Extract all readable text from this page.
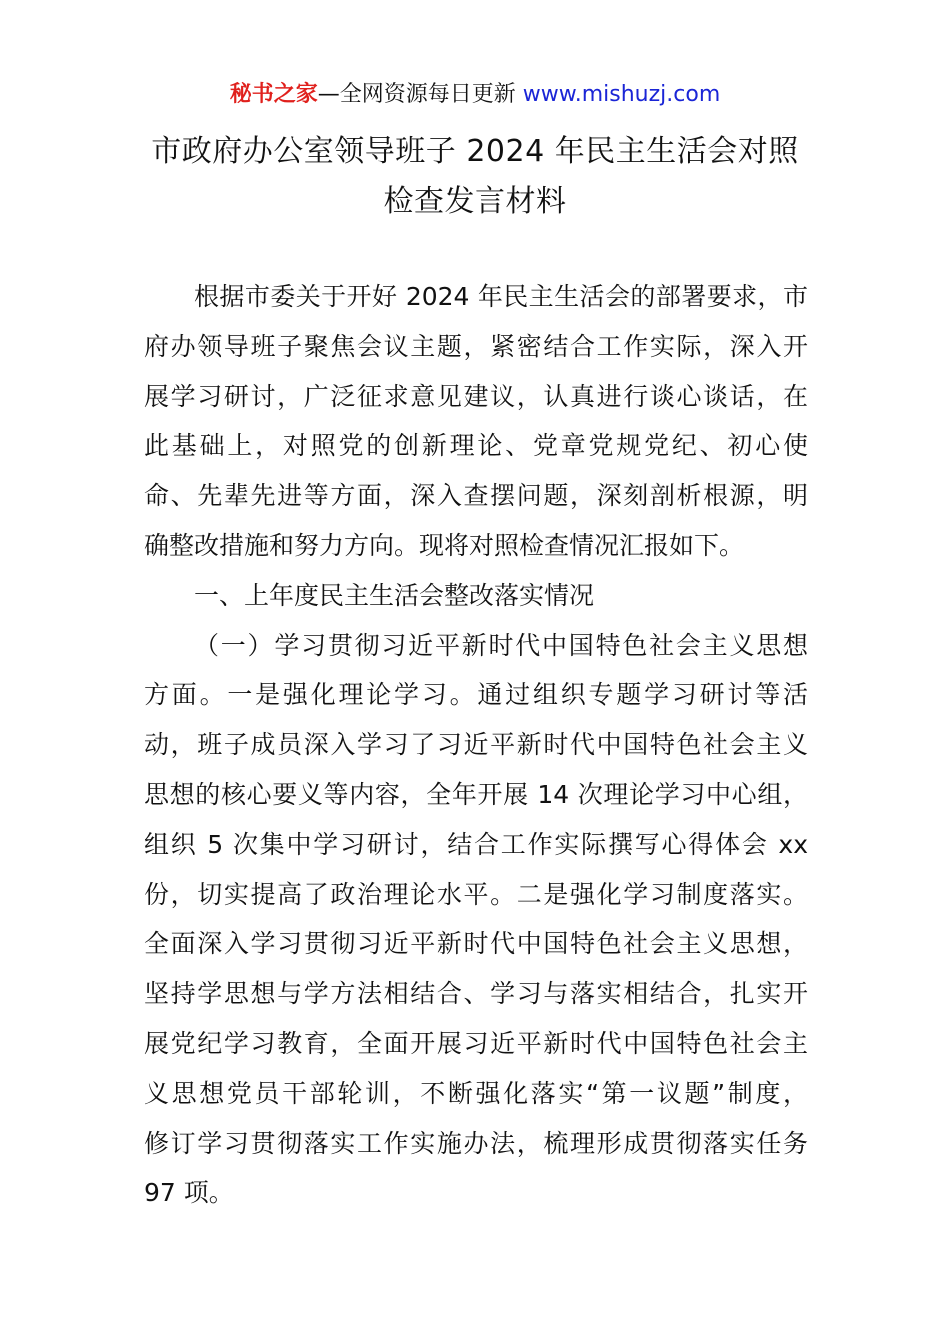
秘书之家—全网资源每日更新 www.mishuzj.com
市政府办公室领导班子 2024 年民主生活会对照
检查发言材料
根据市委关于开好 2024 年民主生活会的部署要求，市
府办领导班子聚焦会议主题，紧密结合工作实际，深入开
展学习研讨，广泛征求意见建议，认真进行谈心谈话，在
此基础上，对照党的创新理论、党章党规党纪、初心使
命、先辈先进等方面，深入查摆问题，深刻剖析根源，明
确整改措施和努力方向。现将对照检查情况汇报如下。
一、上年度民主生活会整改落实情况
（一）学习贯彻习近平新时代中国特色社会主义思想
方面。一是强化理论学习。通过组织专题学习研讨等活
动，班子成员深入学习了习近平新时代中国特色社会主义
思想的核心要义等内容，全年开展 14 次理论学习中心组，
组织 5 次集中学习研讨，结合工作实际撰写心得体会 xx
份，切实提高了政治理论水平。二是强化学习制度落实。
全面深入学习贯彻习近平新时代中国特色社会主义思想，
坚持学思想与学方法相结合、学习与落实相结合，扎实开
展党纪学习教育，全面开展习近平新时代中国特色社会主
义思想党员干部轮训，不断强化落实“第一议题”制度，
修订学习贯彻落实工作实施办法，梳理形成贯彻落实任务
97 项。
